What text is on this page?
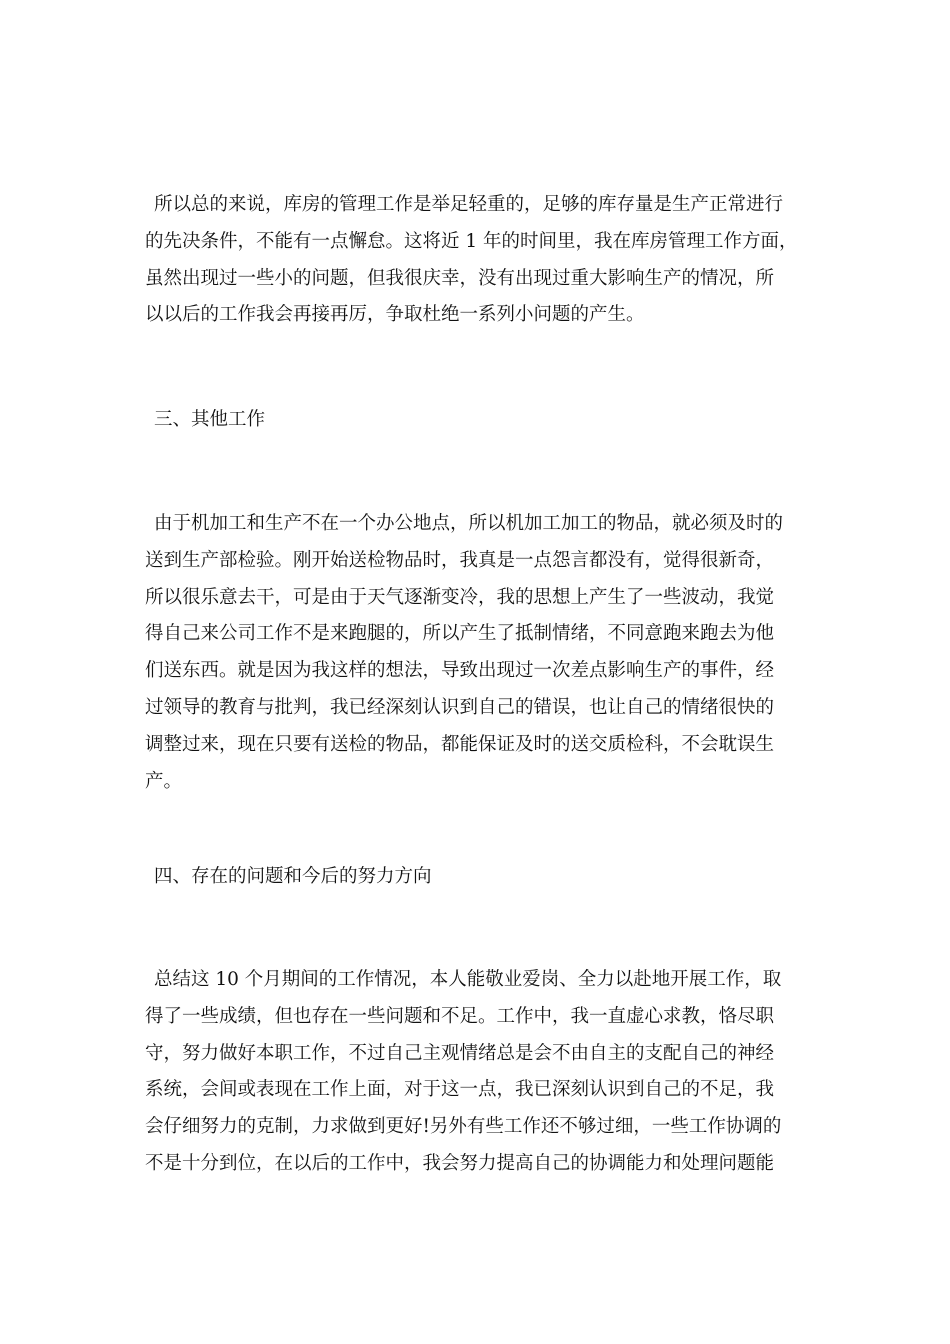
所以总的来说，库房的管理工作是举足轻重的，足够的库存量是生产正常进行
的先决条件，不能有一点懈怠。这将近 1 年的时间里，我在库房管理工作方面，
虽然出现过一些小的问题，但我很庆幸，没有出现过重大影响生产的情况，所
以以后的工作我会再接再厉，争取杜绝一系列小问题的产生。
三、其他工作
由于机加工和生产不在一个办公地点，所以机加工加工的物品，就必须及时的
送到生产部检验。刚开始送检物品时，我真是一点怨言都没有，觉得很新奇，
所以很乐意去干，可是由于天气逐渐变冷，我的思想上产生了一些波动，我觉
得自己来公司工作不是来跑腿的，所以产生了抵制情绪，不同意跑来跑去为他
们送东西。就是因为我这样的想法，导致出现过一次差点影响生产的事件，经
过领导的教育与批判，我已经深刻认识到自己的错误，也让自己的情绪很快的
调整过来，现在只要有送检的物品，都能保证及时的送交质检科，不会耽误生
产。
四、存在的问题和今后的努力方向
总结这 10 个月期间的工作情况，本人能敬业爱岗、全力以赴地开展工作，取
得了一些成绩，但也存在一些问题和不足。工作中，我一直虚心求教，恪尽职
守，努力做好本职工作，不过自己主观情绪总是会不由自主的支配自己的神经
系统，会间或表现在工作上面，对于这一点，我已深刻认识到自己的不足，我
会仔细努力的克制，力求做到更好!另外有些工作还不够过细，一些工作协调的
不是十分到位，在以后的工作中，我会努力提高自己的协调能力和处理问题能
